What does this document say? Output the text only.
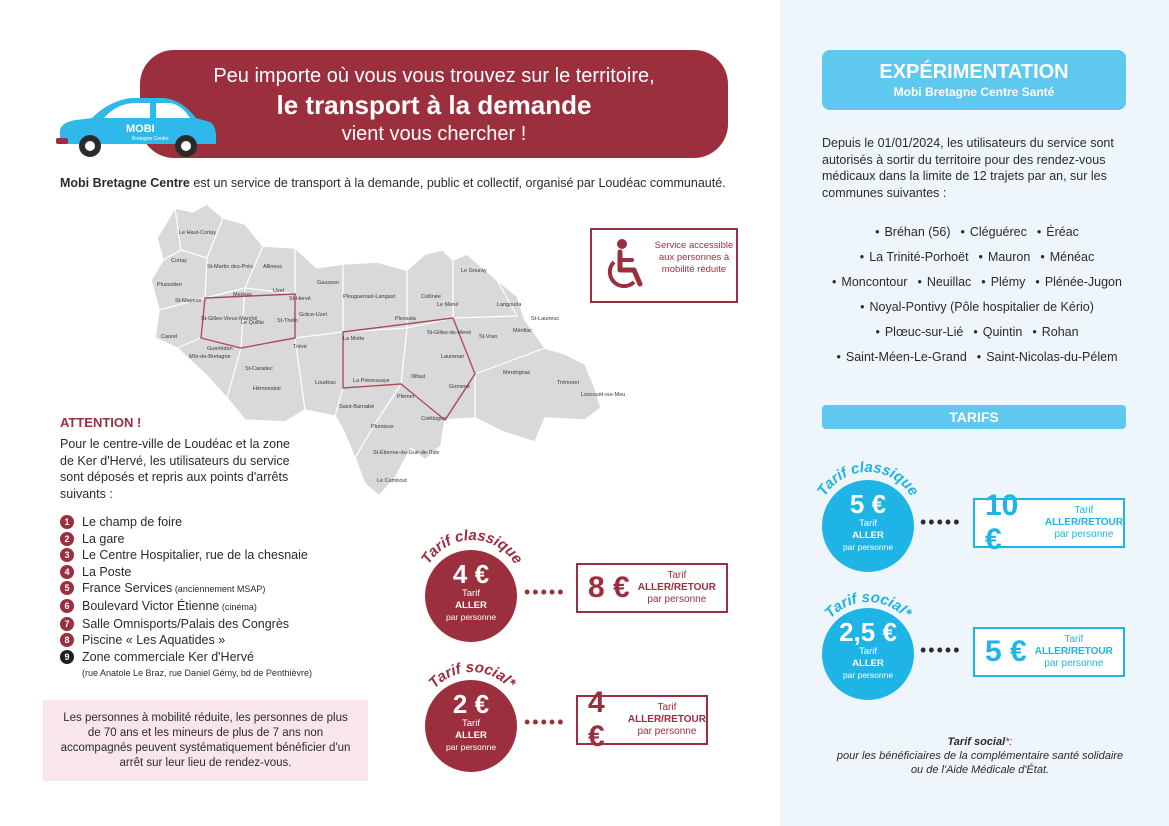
Peu importe où vous vous trouvez sur le territoire,
le transport à la demande
vient vous chercher !
MOBI
Bretagne Centre
Mobi Bretagne Centre est un service de transport à la demande, public et collectif, organisé par Loudéac communauté.
Le Haut-Corlay
Corlay
St-Martin des-Prés Allineuc
Plussulien
St-Mayeux
Merléac
Uzel
St-Hervé
Grâce-Uzel
Le Quillio St-Thélo
St-Gilles-Vieux-Marché
Caurel
Guerlédan
Mûr-de-Bretagne
St-Caradec
Hémonstoir
Trévé
Loudéac
Saint-Barnabé
La Motte
Plouguenast-Langast
Plémet
La Prénessaye
Gausson
Le Cambout
Plumieux
St-Étienne-du-Gué-de-l'Isle
Coëtlogon
Le Mené
Plessala
Collinée
St-Gilles-du-Mené
Le Gouray
Langourla
St-Vran
Merdrignac
Laurenan
Illifaut
Gomené
Loscouët-sur-Meu
Trémorel
St-Launeuc
Mérillac
Service accessible aux personnes à mobilité réduite
ATTENTION !

Pour le centre-ville de Loudéac et la zone de Ker d'Hervé, les utilisateurs du service sont déposés et repris aux points d'arrêts suivants :

1	Le champ de foire
2	La gare
3	Le Centre Hospitalier, rue de la chesnaie
4	La Poste
5	France Services (anciennement MSAP)
6	Boulevard Victor Étienne (cinéma)
7	Salle Omnisports/Palais des Congrès
8	Piscine « Les Aquatides »
9	Zone commerciale Ker d'Hervé
(rue Anatole Le Braz, rue Daniel Gémy, bd de Penthièvre)
Les personnes à mobilité réduite, les personnes de plus de 70 ans et les mineurs de plus de 7 ans non accompagnés peuvent systématiquement bénéficier d'un arrêt sur leur lieu de rendez-vous.
Tarif classique
4 €
Tarif
ALLER
par personne
••••• 8 €	Tarif
ALLER/RETOUR
par personne
Tarif social*
2 €
Tarif
ALLER
par personne
•••••
4 €
Tarif
ALLER/RETOUR
par personne
EXPÉRIMENTATION
Mobi Bretagne Centre Santé
Depuis le 01/01/2024, les utilisateurs du service sont autorisés à sortir du territoire pour des rendez-vous médicaux dans la limite de 12 trajets par an, sur les communes suivantes :
• Bréhan (56) • Cléguérec • Éréac
• La Trinité-Porhoët • Mauron • Ménéac
• Moncontour • Neuillac • Plémy • Plénée-Jugon
• Noyal-Pontivy (Pôle hospitalier de Kério)
• Plœuc-sur-Lié • Quintin • Rohan
• Saint-Méen-Le-Grand • Saint-Nicolas-du-Pélem
TARIFS
Tarif classique
5 €
Tarif
ALLER
par personne
••••• 10 €
Tarif
ALLER/RETOUR
par personne
Tarif social*
2,5 €
Tarif
ALLER
par personne
••••• 5 €	Tarif
ALLER/RETOUR
par personne
Tarif social*:
pour les bénéficiaires de la complémentaire santé solidaire ou de l'Aide Médicale d'État.
